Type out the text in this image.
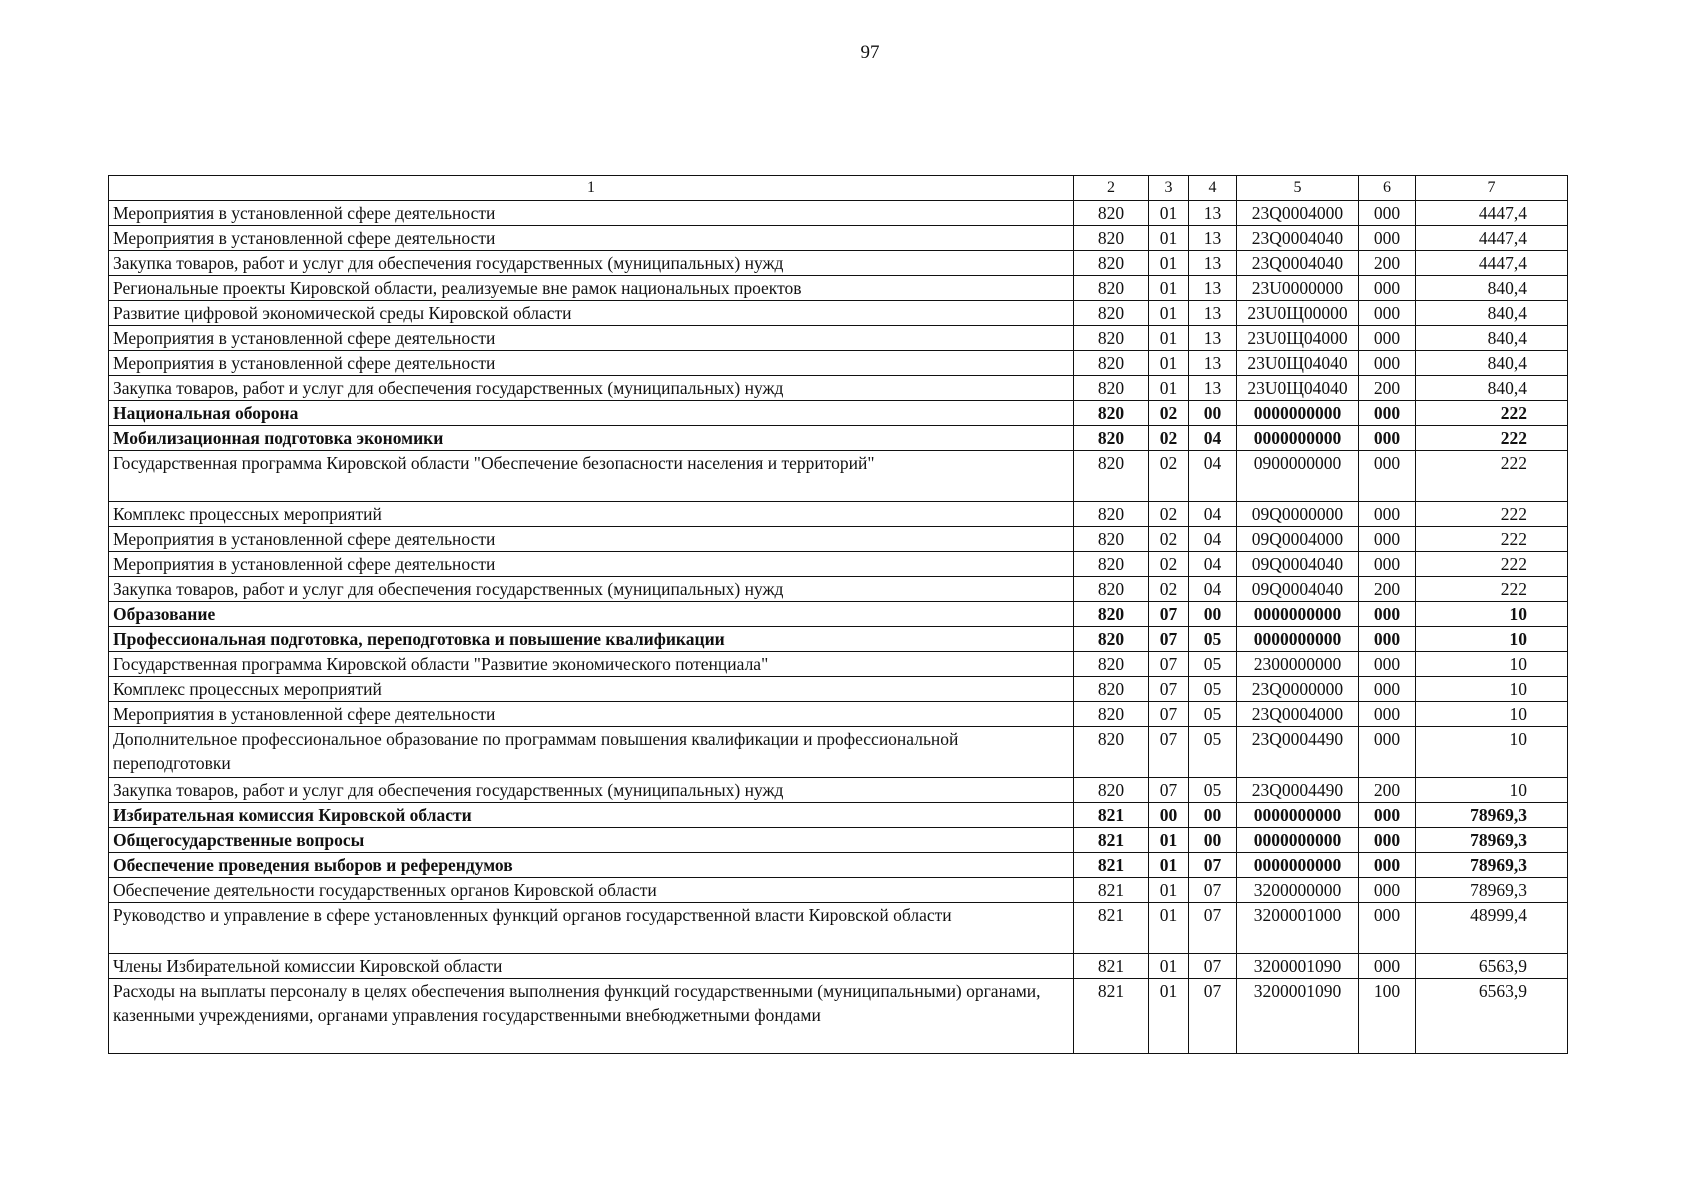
97
1	2	3	4	5	6	7
Мероприятия в установленной сфере деятельности	820	01	13	23Q0004000	000	4447,4
Мероприятия в установленной сфере деятельности	820	01	13	23Q0004040	000	4447,4
Закупка товаров, работ и услуг для обеспечения государственных (муниципальных) нужд	820	01	13	23Q0004040	200	4447,4
Региональные проекты Кировской области, реализуемые вне рамок национальных проектов	820	01	13	23U0000000	000	840,4
Развитие цифровой экономической среды Кировской области	820	01	13	23U0Щ00000	000	840,4
Мероприятия в установленной сфере деятельности	820	01	13	23U0Щ04000	000	840,4
Мероприятия в установленной сфере деятельности	820	01	13	23U0Щ04040	000	840,4
Закупка товаров, работ и услуг для обеспечения государственных (муниципальных) нужд	820	01	13	23U0Щ04040	200	840,4
Национальная оборона	820	02	00	0000000000	000	222
Мобилизационная подготовка экономики	820	02	04	0000000000	000	222
Государственная программа Кировской области "Обеспечение безопасности населения и территорий"	820	02	04	0900000000	000	222
Комплекс процессных мероприятий	820	02	04	09Q0000000	000	222
Мероприятия в установленной сфере деятельности	820	02	04	09Q0004000	000	222
Мероприятия в установленной сфере деятельности	820	02	04	09Q0004040	000	222
Закупка товаров, работ и услуг для обеспечения государственных (муниципальных) нужд	820	02	04	09Q0004040	200	222
Образование	820	07	00	0000000000	000	10
Профессиональная подготовка, переподготовка и повышение квалификации	820	07	05	0000000000	000	10
Государственная программа Кировской области "Развитие экономического потенциала"	820	07	05	2300000000	000	10
Комплекс процессных мероприятий	820	07	05	23Q0000000	000	10
Мероприятия в установленной сфере деятельности	820	07	05	23Q0004000	000	10
Дополнительное профессиональное образование по программам повышения квалификации и профессиональной переподготовки	820	07	05	23Q0004490	000	10
Закупка товаров, работ и услуг для обеспечения государственных (муниципальных) нужд	820	07	05	23Q0004490	200	10
Избирательная комиссия Кировской области	821	00	00	0000000000	000	78969,3
Общегосударственные вопросы	821	01	00	0000000000	000	78969,3
Обеспечение проведения выборов и референдумов	821	01	07	0000000000	000	78969,3
Обеспечение деятельности государственных органов Кировской области	821	01	07	3200000000	000	78969,3
Руководство и управление в сфере установленных функций органов государственной власти Кировской области	821	01	07	3200001000	000	48999,4
Члены Избирательной комиссии Кировской области	821	01	07	3200001090	000	6563,9
Расходы на выплаты персоналу в целях обеспечения выполнения функций государственными (муниципальными) органами, казенными учреждениями, органами управления государственными внебюджетными фондами	821	01	07	3200001090	100	6563,9
